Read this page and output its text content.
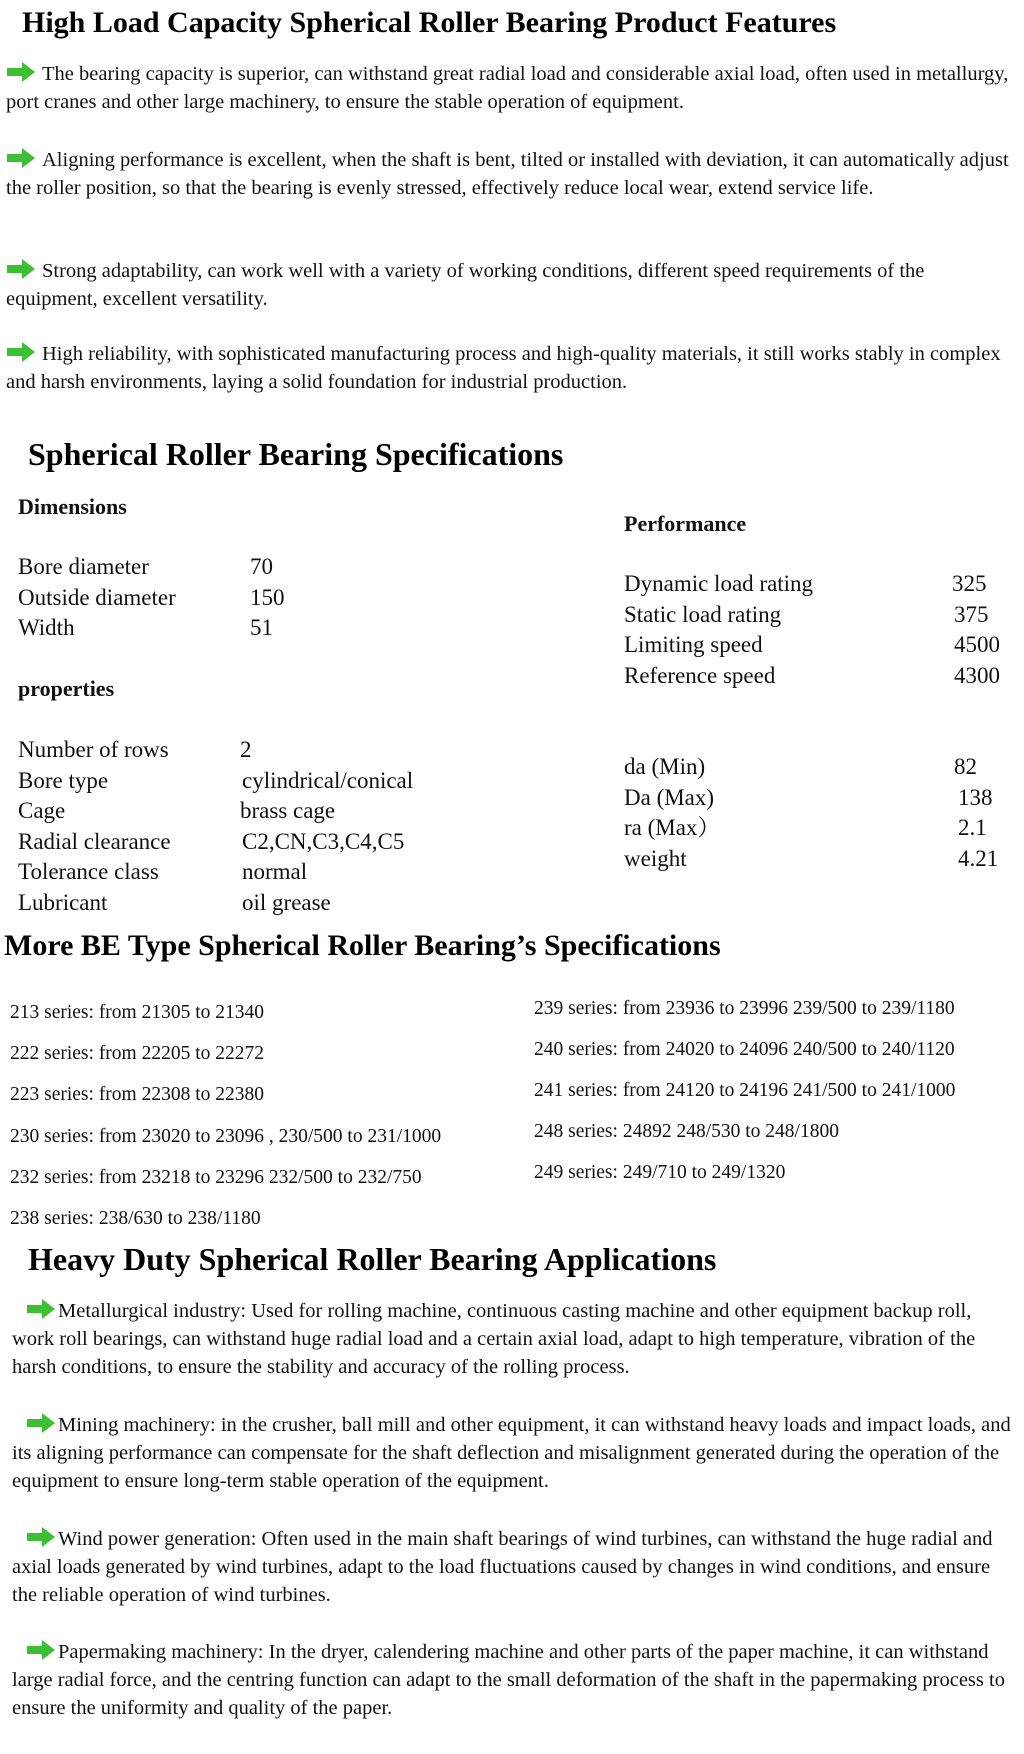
High Load Capacity Spherical Roller Bearing Product Features
The bearing capacity is superior, can withstand great radial load and considerable axial load, often used in metallurgy, port cranes and other large machinery, to ensure the stable operation of equipment.
Aligning performance is excellent, when the shaft is bent, tilted or installed with deviation, it can automatically adjust the roller position, so that the bearing is evenly stressed, effectively reduce local wear, extend service life.
Strong adaptability, can work well with a variety of working conditions, different speed requirements of the equipment, excellent versatility.
High reliability, with sophisticated manufacturing process and high-quality materials, it still works stably in complex and harsh environments, laying a solid foundation for industrial production.
Spherical Roller Bearing Specifications
Dimensions
Bore diameter	70
Outside diameter	150
Width	51
properties
Number of rows	2
Bore type	cylindrical/conical
Cage	brass cage
Radial clearance	C2,CN,C3,C4,C5
Tolerance class	normal
Lubricant	oil grease
Performance
Dynamic load rating	325
Static load rating	375
Limiting speed	4500
Reference speed	4300
da (Min)	82
Da (Max)	138
ra (Max）	2.1
weight	4.21
More BE Type Spherical Roller Bearing’s Specifications
213 series: from 21305 to 21340
222 series: from 22205 to 22272
223 series: from 22308 to 22380
230 series: from 23020 to 23096 , 230/500 to 231/1000
232 series: from 23218 to 23296 232/500 to 232/750
238 series: 238/630 to 238/1180
239 series: from 23936 to 23996 239/500 to 239/1180
240 series: from 24020 to 24096 240/500 to 240/1120
241 series: from 24120 to 24196 241/500 to 241/1000
248 series: 24892 248/530 to 248/1800
249 series: 249/710 to 249/1320
Heavy Duty Spherical Roller Bearing Applications
Metallurgical industry: Used for rolling machine, continuous casting machine and other equipment backup roll, work roll bearings, can withstand huge radial load and a certain axial load, adapt to high temperature, vibration of the harsh conditions, to ensure the stability and accuracy of the rolling process.
Mining machinery: in the crusher, ball mill and other equipment, it can withstand heavy loads and impact loads, and its aligning performance can compensate for the shaft deflection and misalignment generated during the operation of the equipment to ensure long-term stable operation of the equipment.
Wind power generation: Often used in the main shaft bearings of wind turbines, can withstand the huge radial and axial loads generated by wind turbines, adapt to the load fluctuations caused by changes in wind conditions, and ensure the reliable operation of wind turbines.
Papermaking machinery: In the dryer, calendering machine and other parts of the paper machine, it can withstand large radial force, and the centring function can adapt to the small deformation of the shaft in the papermaking process to ensure the uniformity and quality of the paper.
